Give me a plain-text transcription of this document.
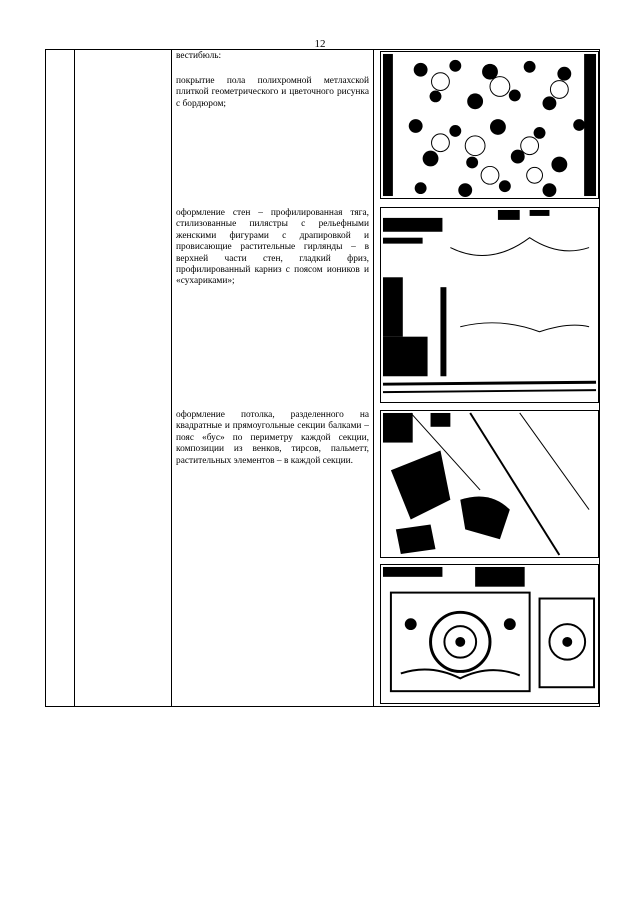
12
вестибюль:
покрытие пола полихромной метлахской плиткой геометрического и цветочного рисунка с бордюром;
оформление стен – профилированная тяга, стилизованные пилястры с рельефными женскими фигурами с драпировкой и провисающие растительные гирлянды – в верхней части стен, гладкий фриз, профилированный карниз с поясом иоников и «сухариками»;
оформление потолка, разделенного на квадратные и прямоугольные секции балками – пояс «бус» по периметру каждой секции, композиции из венков, тирсов, пальметт, растительных элементов – в каждой секции.
